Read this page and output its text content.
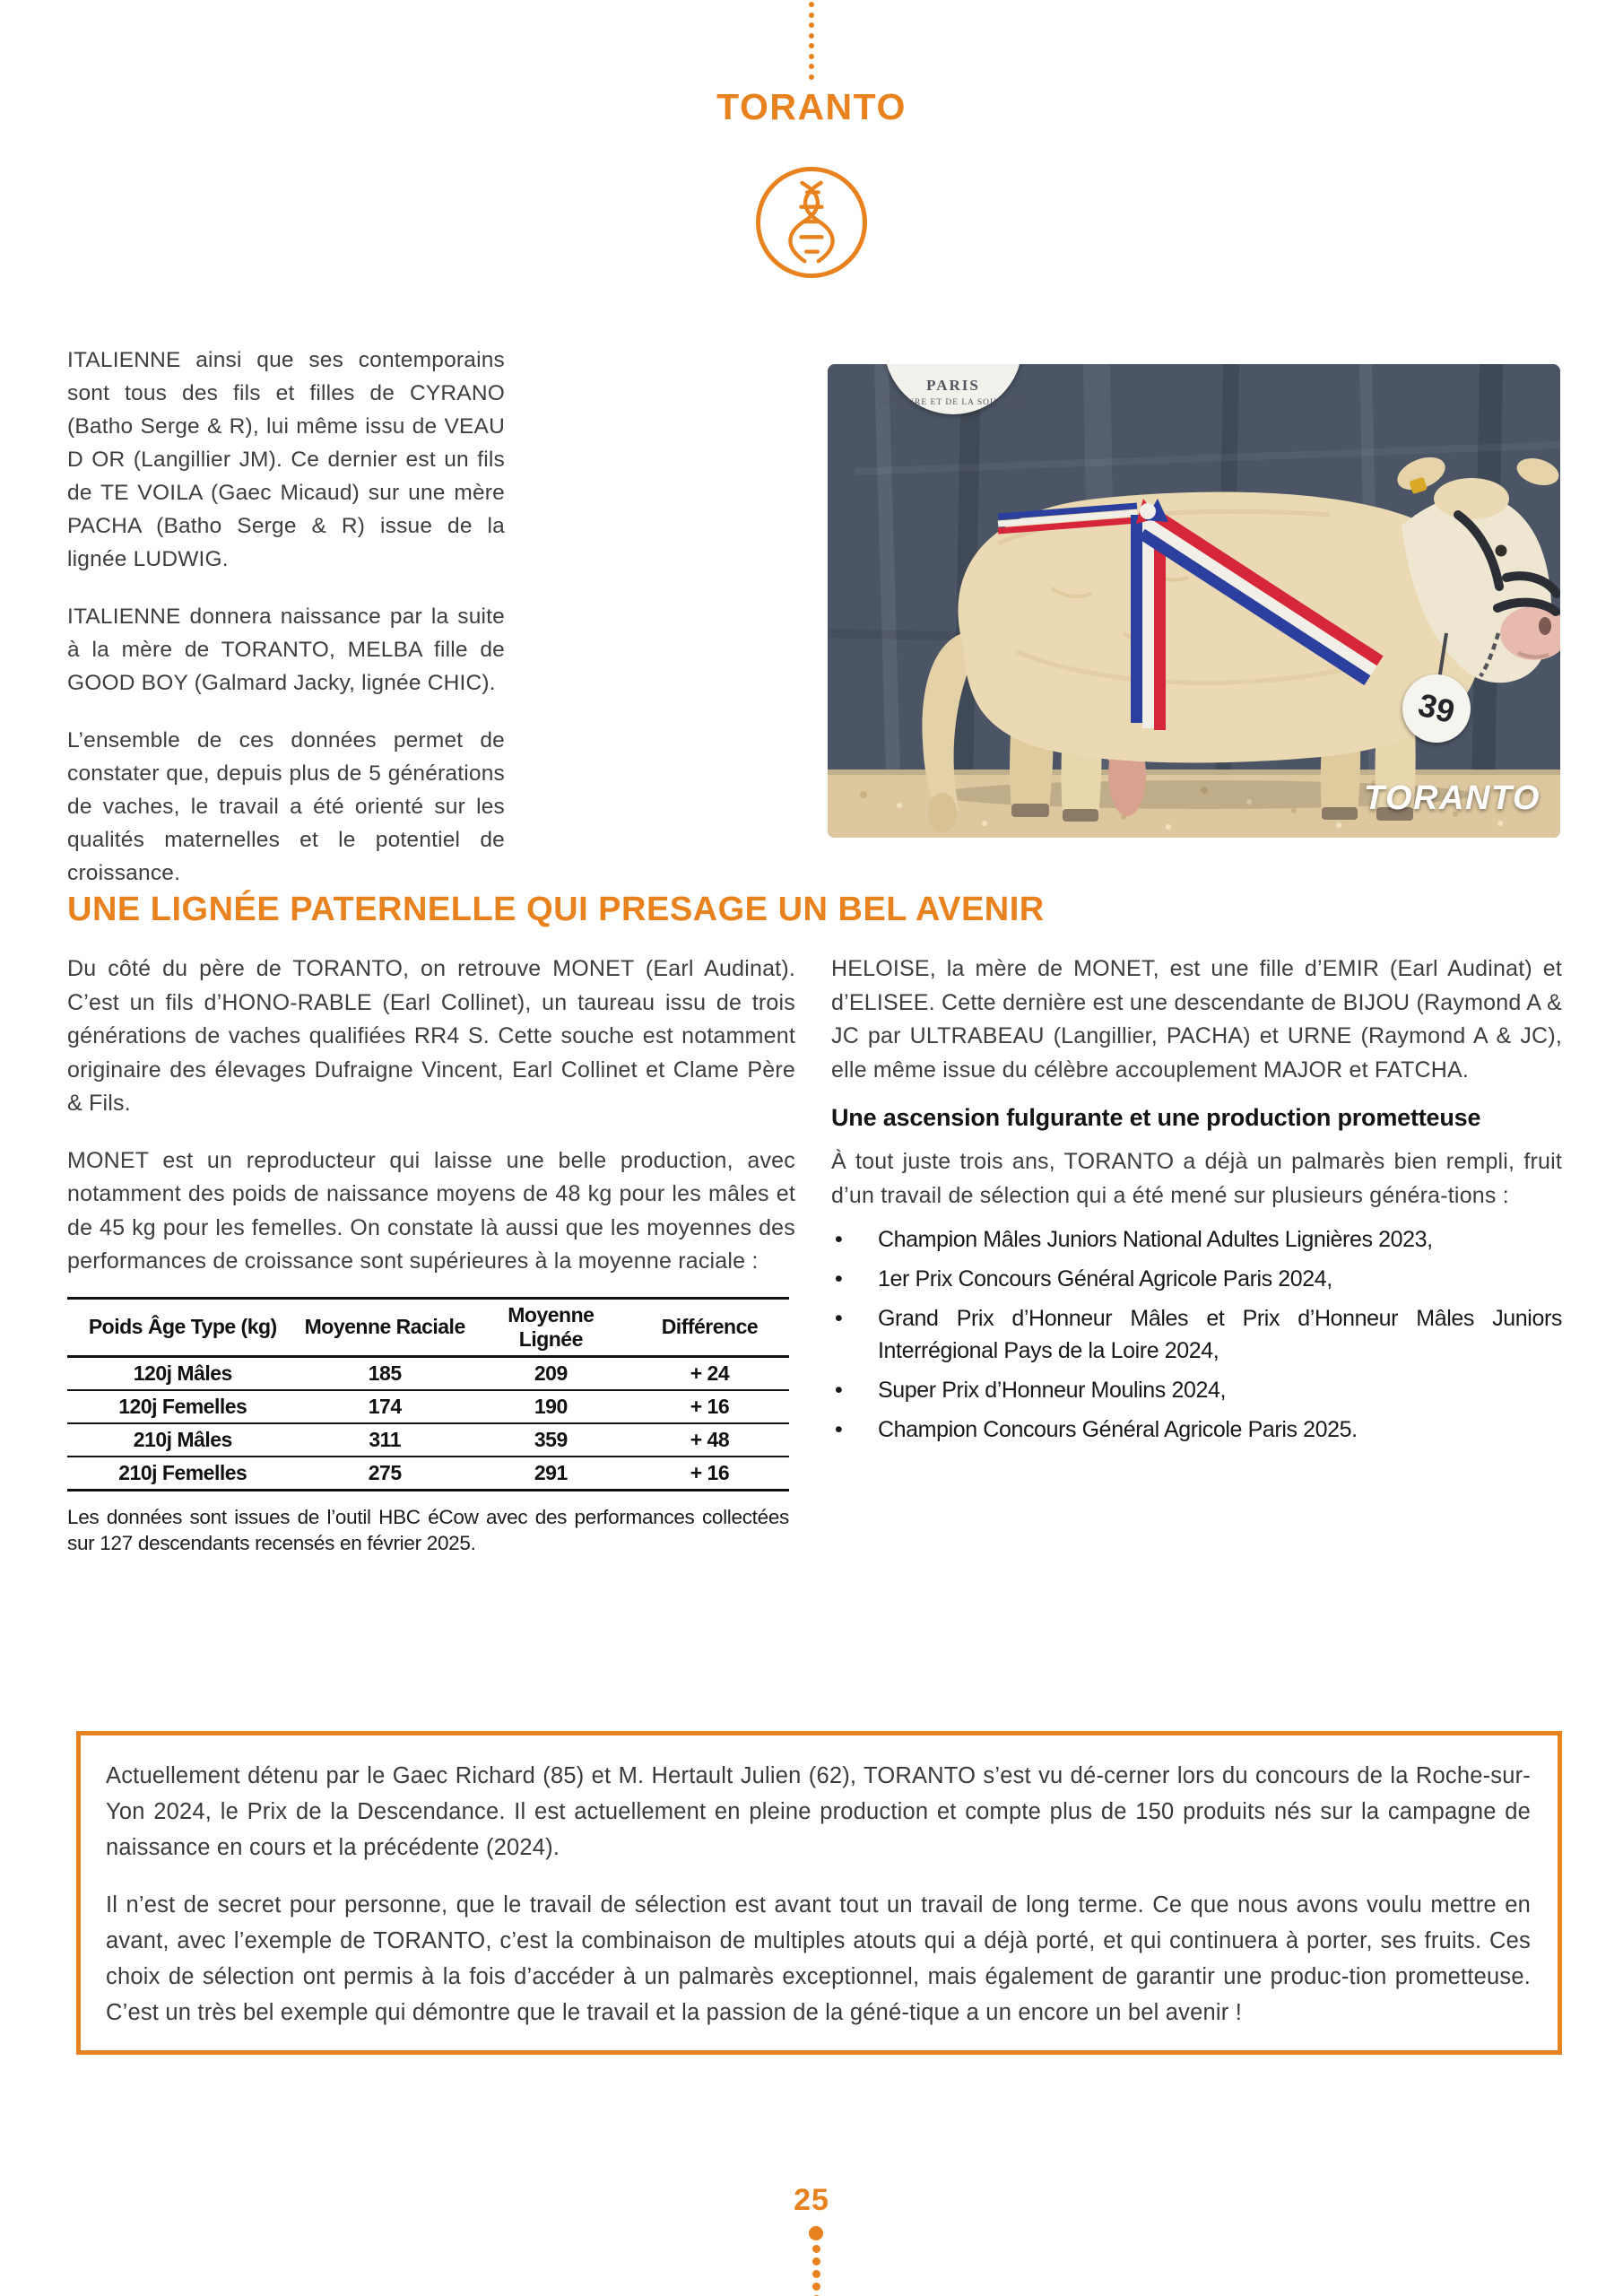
TORANTO

ITALIENNE ainsi que ses contemporains sont tous des fils et filles de CYRANO (Batho Serge & R), lui même issu de VEAU D OR (Langillier JM). Ce dernier est un fils de TE VOILA (Gaec Micaud) sur une mère PACHA (Batho Serge & R) issue de la lignée LUDWIG.

ITALIENNE donnera naissance par la suite à la mère de TORANTO, MELBA fille de GOOD BOY (Galmard Jacky, lignée CHIC).

L’ensemble de ces données permet de constater que, depuis plus de 5 générations de vaches, le travail a été orienté sur les qualités maternelles et le potentiel de croissance.

PARIS
ICULTURE ET DE LA SOUVERAI
39
TORANTO
UNE LIGNÉE PATERNELLE QUI PRESAGE UN BEL AVENIR

Du côté du père de TORANTO, on retrouve MONET (Earl Audinat). C’est un fils d’HONO-RABLE (Earl Collinet), un taureau issu de trois générations de vaches qualifiées RR4 S. Cette souche est notamment originaire des élevages Dufraigne Vincent, Earl Collinet et Clame Père & Fils.

MONET est un reproducteur qui laisse une belle production, avec notamment des poids de naissance moyens de 48 kg pour les mâles et de 45 kg pour les femelles. On constate là aussi que les moyennes des performances de croissance sont supérieures à la moyenne raciale :

Poids Âge Type (kg)	Moyenne Raciale	Moyenne Lignée	Différence
120j Mâles	185	209	+ 24
120j Femelles	174	190	+ 16
210j Mâles	311	359	+ 48
210j Femelles	275	291	+ 16

Les données sont issues de l’outil HBC éCow avec des performances collectées sur 127 descendants recensés en février 2025.

HELOISE, la mère de MONET, est une fille d’EMIR (Earl Audinat) et d’ELISEE. Cette dernière est une descendante de BIJOU (Raymond A & JC par ULTRABEAU (Langillier, PACHA) et URNE (Raymond A & JC), elle même issue du célèbre accouplement MAJOR et FATCHA.

Une ascension fulgurante et une production prometteuse

À tout juste trois ans, TORANTO a déjà un palmarès bien rempli, fruit d’un travail de sélection qui a été mené sur plusieurs généra-tions :

• Champion Mâles Juniors National Adultes Lignières 2023,
• 1er Prix Concours Général Agricole Paris 2024,
• Grand Prix d’Honneur Mâles et Prix d’Honneur Mâles Juniors Interrégional Pays de la Loire 2024,
• Super Prix d’Honneur Moulins 2024,
• Champion Concours Général Agricole Paris 2025.

Actuellement détenu par le Gaec Richard (85) et M. Hertault Julien (62), TORANTO s’est vu dé-cerner lors du concours de la Roche-sur-Yon 2024, le Prix de la Descendance. Il est actuellement en pleine production et compte plus de 150 produits nés sur la campagne de naissance en cours et la précédente (2024).

Il n’est de secret pour personne, que le travail de sélection est avant tout un travail de long terme. Ce que nous avons voulu mettre en avant, avec l’exemple de TORANTO, c’est la combinaison de multiples atouts qui a déjà porté, et qui continuera à porter, ses fruits. Ces choix de sélection ont permis à la fois d’accéder à un palmarès exceptionnel, mais également de garantir une produc-tion prometteuse. C’est un très bel exemple qui démontre que le travail et la passion de la géné-tique a un encore un bel avenir !

25
